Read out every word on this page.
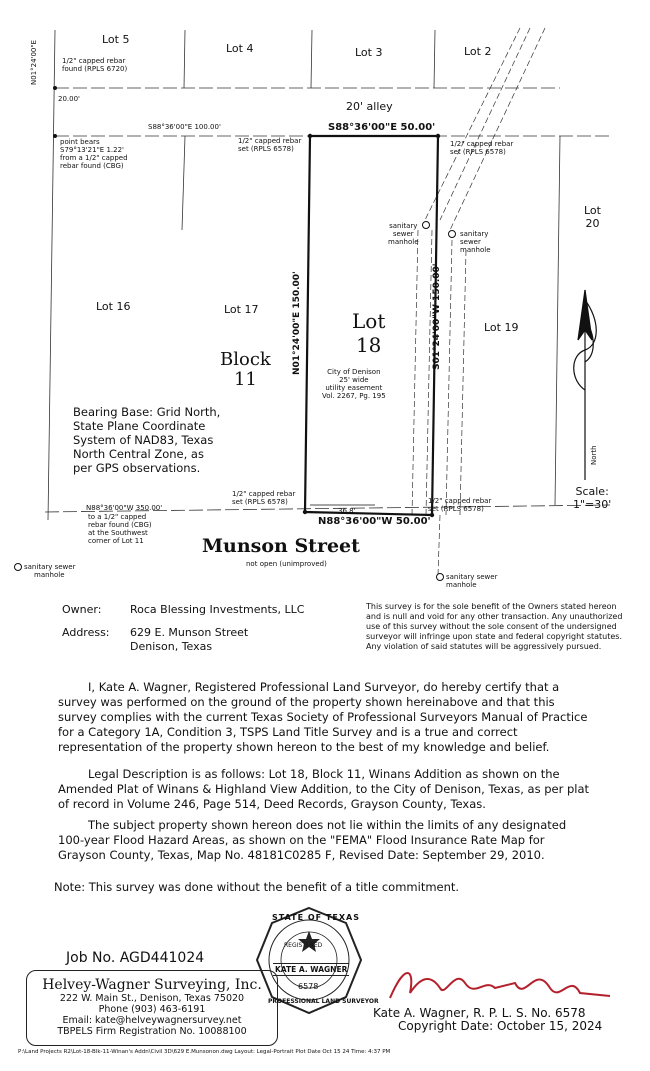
Lot 5
Lot 4	Lot 3	Lot 2
20' alley
1/2" capped rebar
found (RPLS 6720)
N01°24'00"E
20.00'
S88°36'00"E 100.00'
point bears
S79°13'21"E 1.22'
from a 1/2" capped
rebar found (CBG)
S88°36'00"E 50.00'
1/2" capped rebar
set (RPLS 6578)
1/2" capped rebar
set (RPLS 6578)
sanitary
sewer
manhole
sanitary
sewer
manhole
Lot
20
Lot 16	Lot 17
Lot 19
Lot
18
Block
11
N01°24'00"E 150.00'	S01°24'00"W 150.00'
City of Denison
25' wide
utility easement
Vol. 2267, Pg. 195
Bearing Base: Grid North,
State Plane Coordinate
System of NAD83, Texas
North Central Zone, as
per GPS observations.
Scale:
1"=30'
1/2" capped rebar
set (RPLS 6578)	1/2" capped rebar
set (RPLS 6578)
36.8'
N88°36'00"W 350.00'
to a 1/2" capped
rebar found (CBG)
at the Southwest
corner of Lot 11
N88°36'00"W 50.00'
Munson Street
not open (unimproved)
sanitary sewer
manhole	sanitary sewer
manhole
North
Owner:	Roca Blessing Investments, LLC
Address: 629 E. Munson Street
Denison, Texas
This survey is for the sole benefit of the Owners stated hereon and is null and void for any other transaction. Any unauthorized use of this survey without the sole consent of the undersigned surveyor will infringe upon state and federal copyright statutes. Any violation of said statutes will be aggressively pursued.
I, Kate A. Wagner, Registered Professional Land Surveyor, do hereby certify that a survey was performed on the ground of the property shown hereinabove and that this survey complies with the current Texas Society of Professional Surveyors Manual of Practice for a Category 1A, Condition 3, TSPS Land Title Survey and is a true and correct representation of the property shown hereon to the best of my knowledge and belief.
Legal Description is as follows: Lot 18, Block 11, Winans Addition as shown on the Amended Plat of Winans & Highland View Addition, to the City of Denison, Texas, as per plat of record in Volume 246, Page 514, Deed Records, Grayson County, Texas.
The subject property shown hereon does not lie within the limits of any designated 100-year Flood Hazard Areas, as shown on the "FEMA" Flood Insurance Rate Map for Grayson County, Texas, Map No. 48181C0285 F, Revised Date: September 29, 2010.
Note: This survey was done without the benefit of a title commitment.
Job No. AGD441024
Helvey-Wagner Surveying, Inc.
222 W. Main St., Denison, Texas 75020
Phone (903) 463-6191
Email: kate@helveywagnersurvey.net
TBPELS Firm Registration No. 10088100
STATE OF TEXAS
REGISTERED
KATE A. WAGNER
6578
PROFESSIONAL LAND SURVEYOR
Kate A. Wagner, R. P. L. S. No. 6578
Copyright Date: October 15, 2024
P:\Land Projects R2\Lot-18-Blk-11-Winan's Addn\Civil 3D\629 E.Munsonon.dwg Layout: Legal-Portrait Plot Date Oct 15 24 Time: 4:37 PM
